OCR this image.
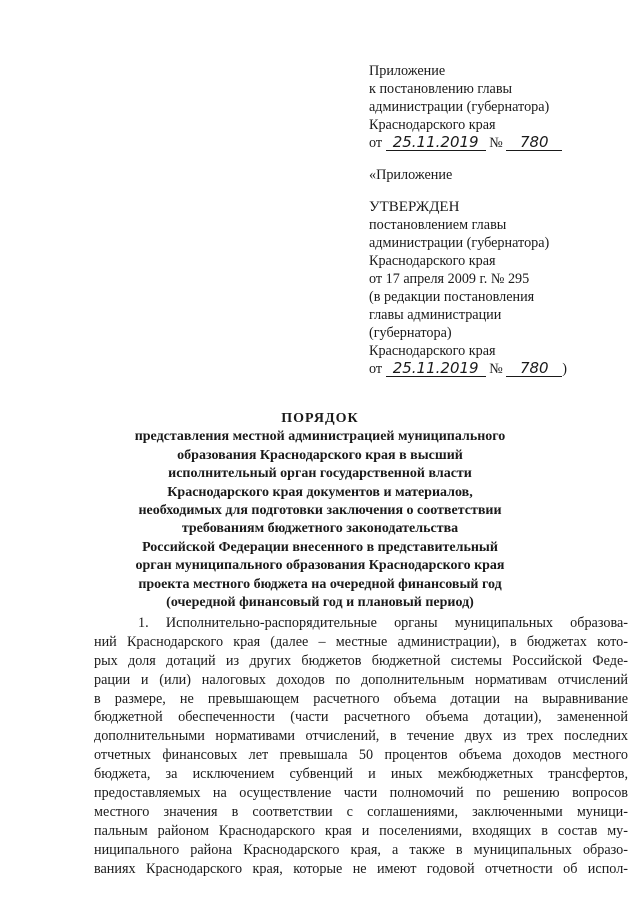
Приложение
к постановлению главы
администрации (губернатора)
Краснодарского края
от 25.11.2019 № 780
«Приложение
УТВЕРЖДЕН
постановлением главы
администрации (губернатора)
Краснодарского края
от 17 апреля 2009 г. № 295
(в редакции постановления
главы администрации
(губернатора)
Краснодарского края
от 25.11.2019 № 780 )
ПОРЯДОК
представления местной администрацией муниципального
образования Краснодарского края в высший
исполнительный орган государственной власти
Краснодарского края документов и материалов,
необходимых для подготовки заключения о соответствии
требованиям бюджетного законодательства
Российской Федерации внесенного в представительный
орган муниципального образования Краснодарского края
проекта местного бюджета на очередной финансовый год
(очередной финансовый год и плановый период)
1. Исполнительно-распорядительные органы муниципальных образова-
ний Краснодарского края (далее – местные администрации), в бюджетах кото-
рых доля дотаций из других бюджетов бюджетной системы Российской Феде-
рации и (или) налоговых доходов по дополнительным нормативам отчислений
в размере, не превышающем расчетного объема дотации на выравнивание
бюджетной обеспеченности (части расчетного объема дотации), замененной
дополнительными нормативами отчислений, в течение двух из трех последних
отчетных финансовых лет превышала 50 процентов объема доходов местного
бюджета, за исключением субвенций и иных межбюджетных трансфертов,
предоставляемых на осуществление части полномочий по решению вопросов
местного значения в соответствии с соглашениями, заключенными муници-
пальным районом Краснодарского края и поселениями, входящих в состав му-
ниципального района Краснодарского края, а также в муниципальных образо-
ваниях Краснодарского края, которые не имеют годовой отчетности об испол-
